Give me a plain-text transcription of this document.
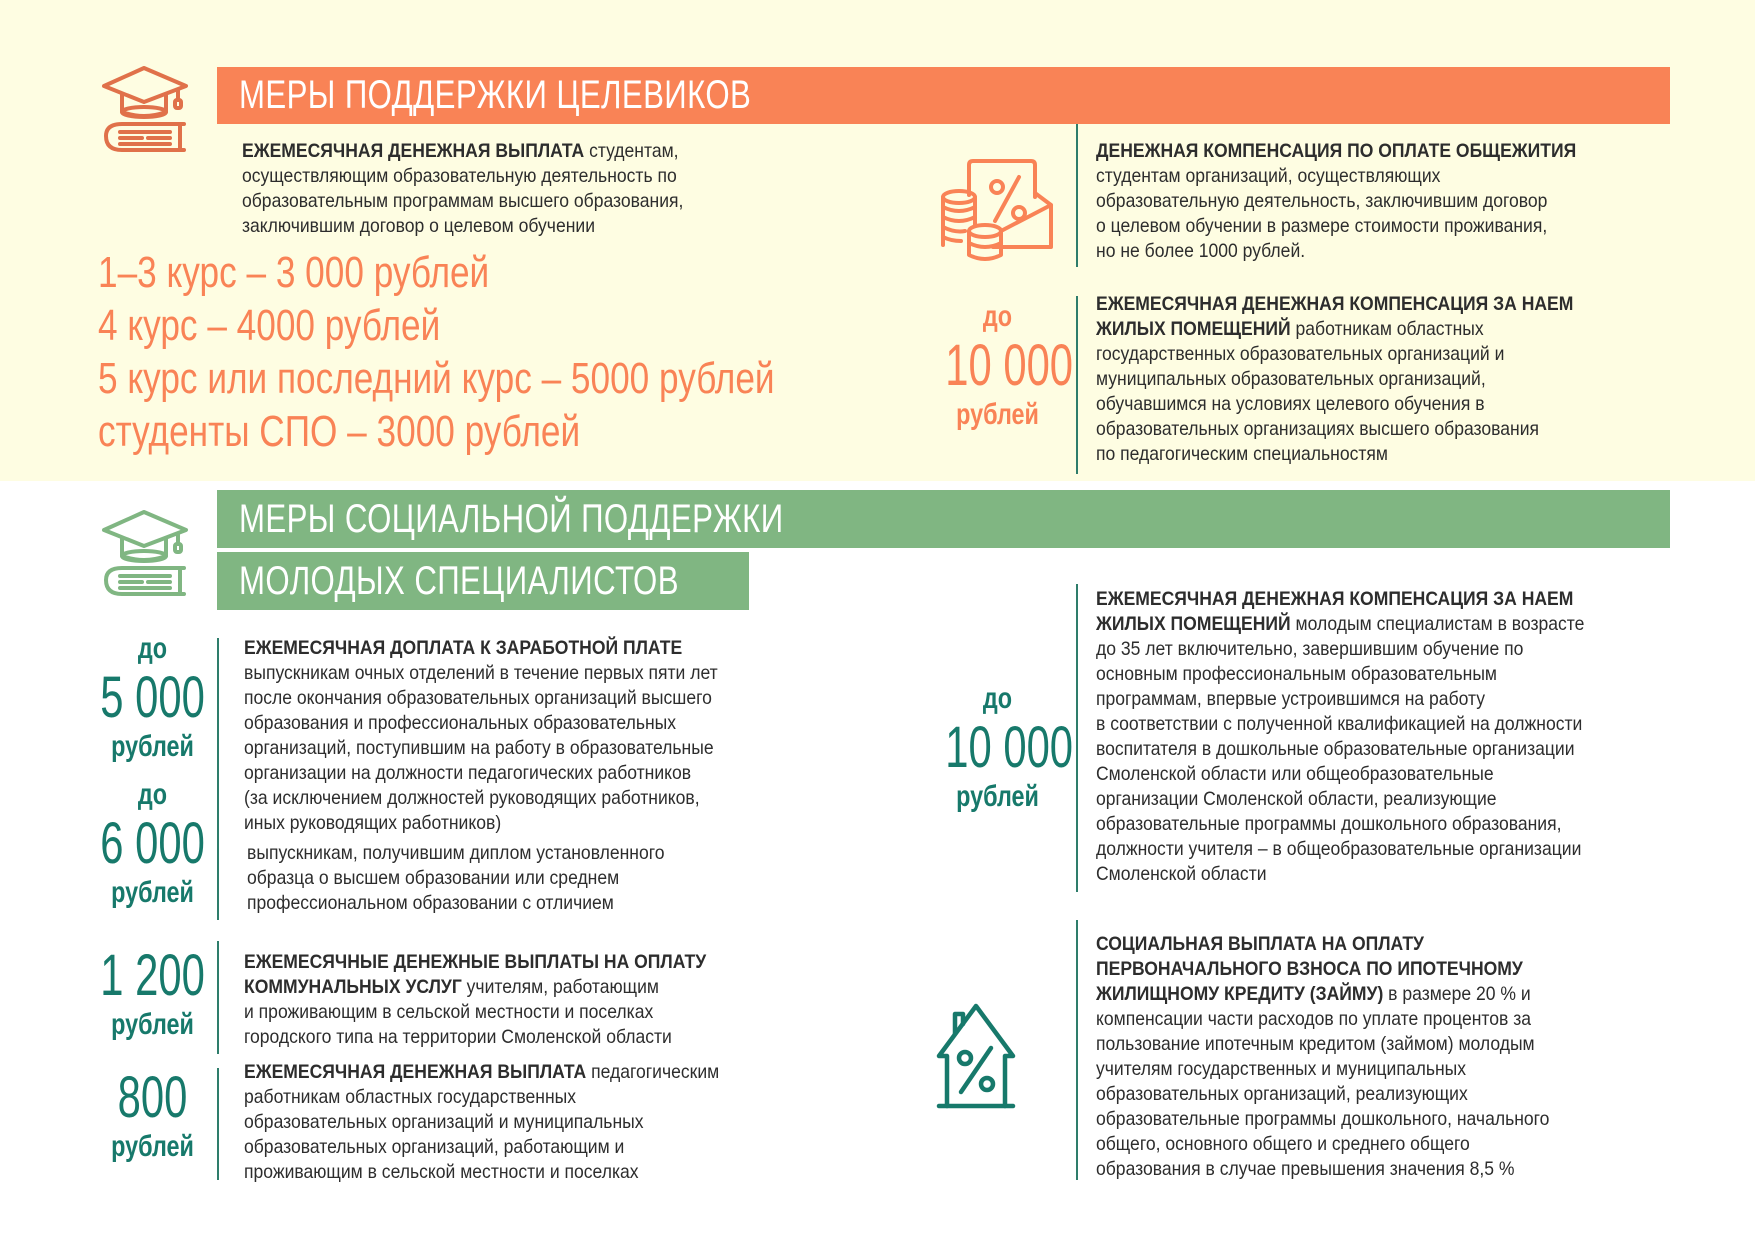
МЕРЫ ПОДДЕРЖКИ ЦЕЛЕВИКОВ
ЕЖЕМЕСЯЧНАЯ ДЕНЕЖНАЯ ВЫПЛАТА студентам,
осуществляющим образовательную деятельность по
образовательным программам высшего образования,
заключившим договор о целевом обучении
1–3 курс – 3 000 рублей
4 курс – 4000 рублей
5 курс или последний курс – 5000 рублей
студенты СПО – 3000 рублей
ДЕНЕЖНАЯ КОМПЕНСАЦИЯ ПО ОПЛАТЕ ОБЩЕЖИТИЯ
студентам организаций, осуществляющих
образовательную деятельность, заключившим договор
о целевом обучении в размере стоимости проживания,
но не более 1000 рублей.
до
10 000
рублей
ЕЖЕМЕСЯЧНАЯ ДЕНЕЖНАЯ КОМПЕНСАЦИЯ ЗА НАЕМ
ЖИЛЫХ ПОМЕЩЕНИЙ работникам областных
государственных образовательных организаций и
муниципальных образовательных организаций,
обучавшимся на условиях целевого обучения в
образовательных организациях высшего образования
по педагогическим специальностям
МЕРЫ СОЦИАЛЬНОЙ ПОДДЕРЖКИ
МОЛОДЫХ СПЕЦИАЛИСТОВ
до
5 000
рублей
до
6 000
рублей
ЕЖЕМЕСЯЧНАЯ ДОПЛАТА К ЗАРАБОТНОЙ ПЛАТЕ
выпускникам очных отделений в течение первых пяти лет
после окончания образовательных организаций высшего
образования и профессиональных образовательных
организаций, поступившим на работу в образовательные
организации на должности педагогических работников
(за исключением должностей руководящих работников,
иных руководящих работников)
выпускникам, получившим диплом установленного
образца о высшем образовании или среднем
профессиональном образовании с отличием
1 200
рублей
ЕЖЕМЕСЯЧНЫЕ ДЕНЕЖНЫЕ ВЫПЛАТЫ НА ОПЛАТУ
КОММУНАЛЬНЫХ УСЛУГ учителям, работающим
и проживающим в сельской местности и поселках
городского типа на территории Смоленской области
800
рублей
ЕЖЕМЕСЯЧНАЯ ДЕНЕЖНАЯ ВЫПЛАТА педагогическим
работникам областных государственных
образовательных организаций и муниципальных
образовательных организаций, работающим и
проживающим в сельской местности и поселках
до
10 000
рублей
ЕЖЕМЕСЯЧНАЯ ДЕНЕЖНАЯ КОМПЕНСАЦИЯ ЗА НАЕМ
ЖИЛЫХ ПОМЕЩЕНИЙ молодым специалистам в возрасте
до 35 лет включительно, завершившим обучение по
основным профессиональным образовательным
программам, впервые устроившимся на работу
в соответствии с полученной квалификацией на должности
воспитателя в дошкольные образовательные организации
Смоленской области или общеобразовательные
организации Смоленской области, реализующие
образовательные программы дошкольного образования,
должности учителя – в общеобразовательные организации
Смоленской области
СОЦИАЛЬНАЯ ВЫПЛАТА НА ОПЛАТУ
ПЕРВОНАЧАЛЬНОГО ВЗНОСА ПО ИПОТЕЧНОМУ
ЖИЛИЩНОМУ КРЕДИТУ (ЗАЙМУ) в размере 20 % и
компенсации части расходов по уплате процентов за
пользование ипотечным кредитом (займом) молодым
учителям государственных и муниципальных
образовательных организаций, реализующих
образовательные программы дошкольного, начального
общего, основного общего и среднего общего
образования в случае превышения значения 8,5 %
